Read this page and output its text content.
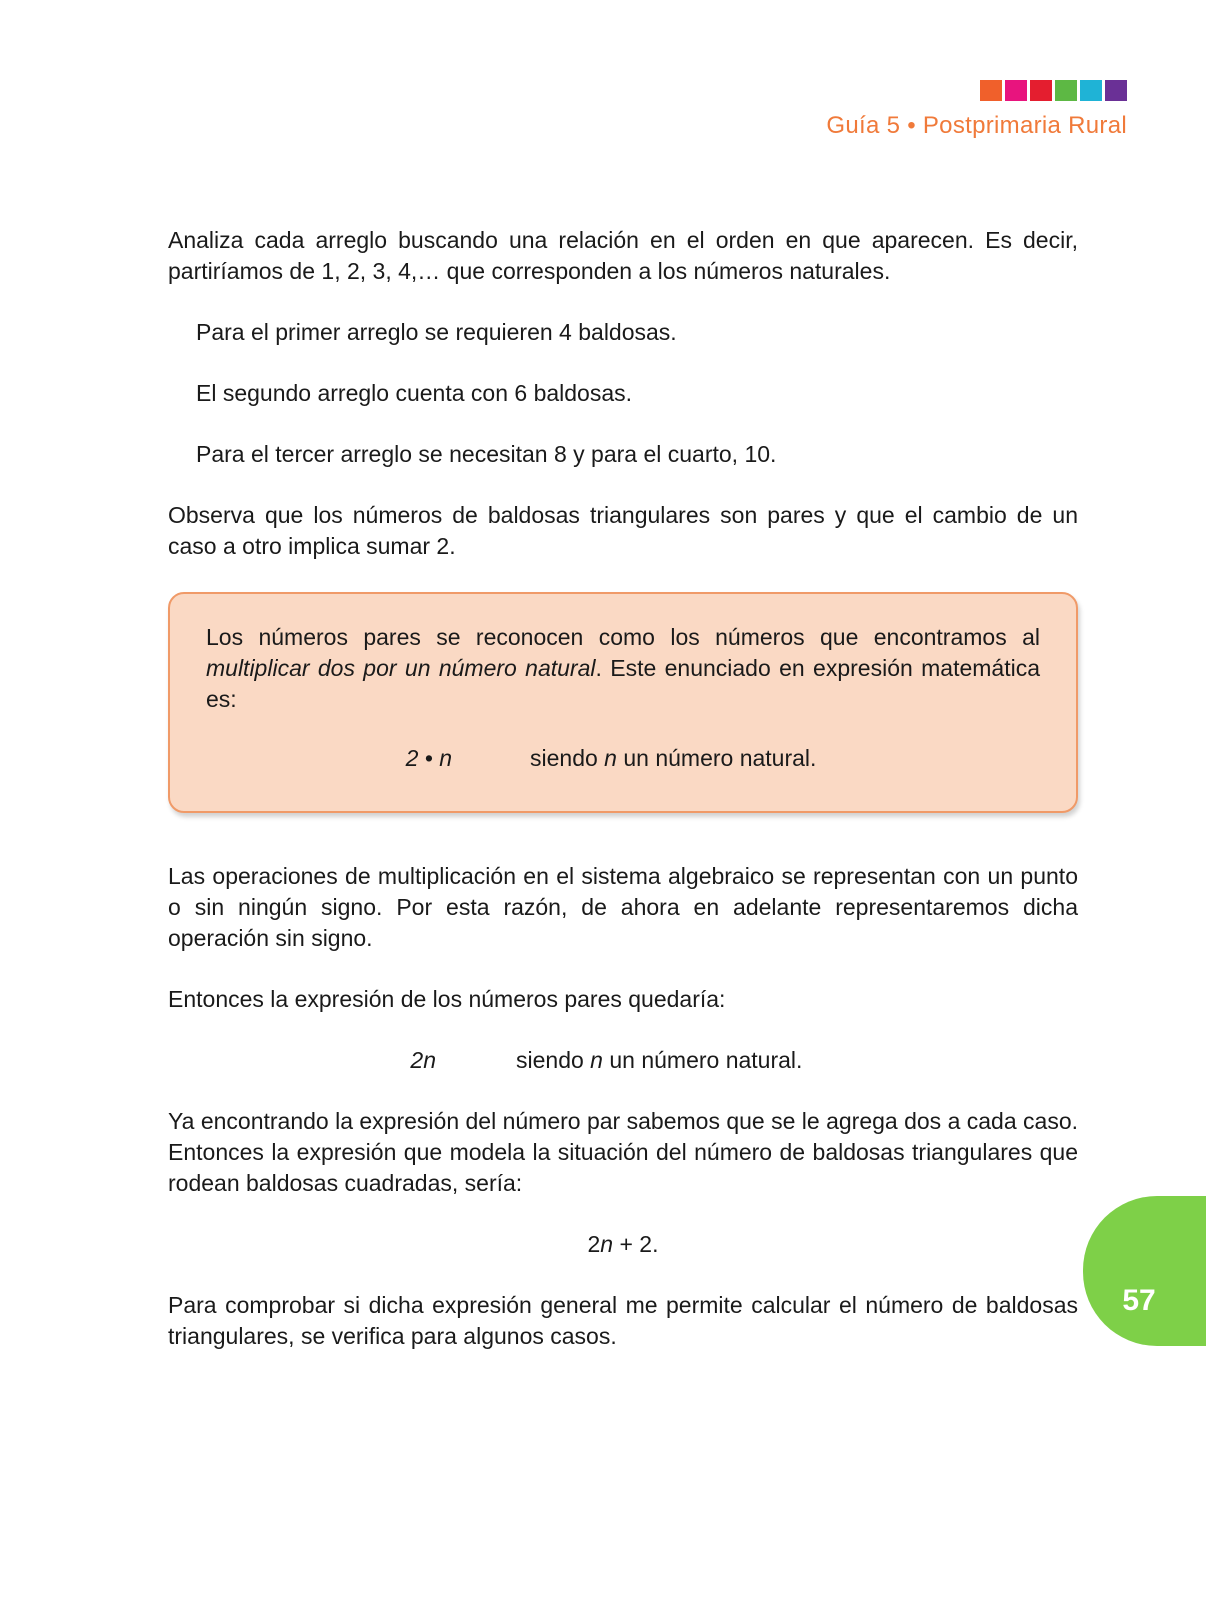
Guía 5 • Postprimaria Rural

Analiza cada arreglo buscando una relación en el orden en que aparecen. Es decir, partiríamos de 1, 2, 3, 4,… que corresponden a los números naturales.

Para el primer arreglo se requieren 4 baldosas.

El segundo arreglo cuenta con 6 baldosas.

Para el tercer arreglo se necesitan 8 y para el cuarto, 10.

Observa que los números de baldosas triangulares son pares y que el cambio de un caso a otro implica sumar 2.

Los números pares se reconocen como los números que encontramos al multiplicar dos por un número natural. Este enunciado en expresión matemática es:

2 • n	siendo n un número natural.

Las operaciones de multiplicación en el sistema algebraico se representan con un punto o sin ningún signo. Por esta razón, de ahora en adelante representaremos dicha operación sin signo.

Entonces la expresión de los números pares quedaría:

2n	siendo n un número natural.

Ya encontrando la expresión del número par sabemos que se le agrega dos a cada caso. Entonces la expresión que modela la situación del número de baldosas triangulares que rodean baldosas cuadradas, sería:

2n + 2.

Para comprobar si dicha expresión general me permite calcular el número de baldosas triangulares, se verifica para algunos casos.

57
